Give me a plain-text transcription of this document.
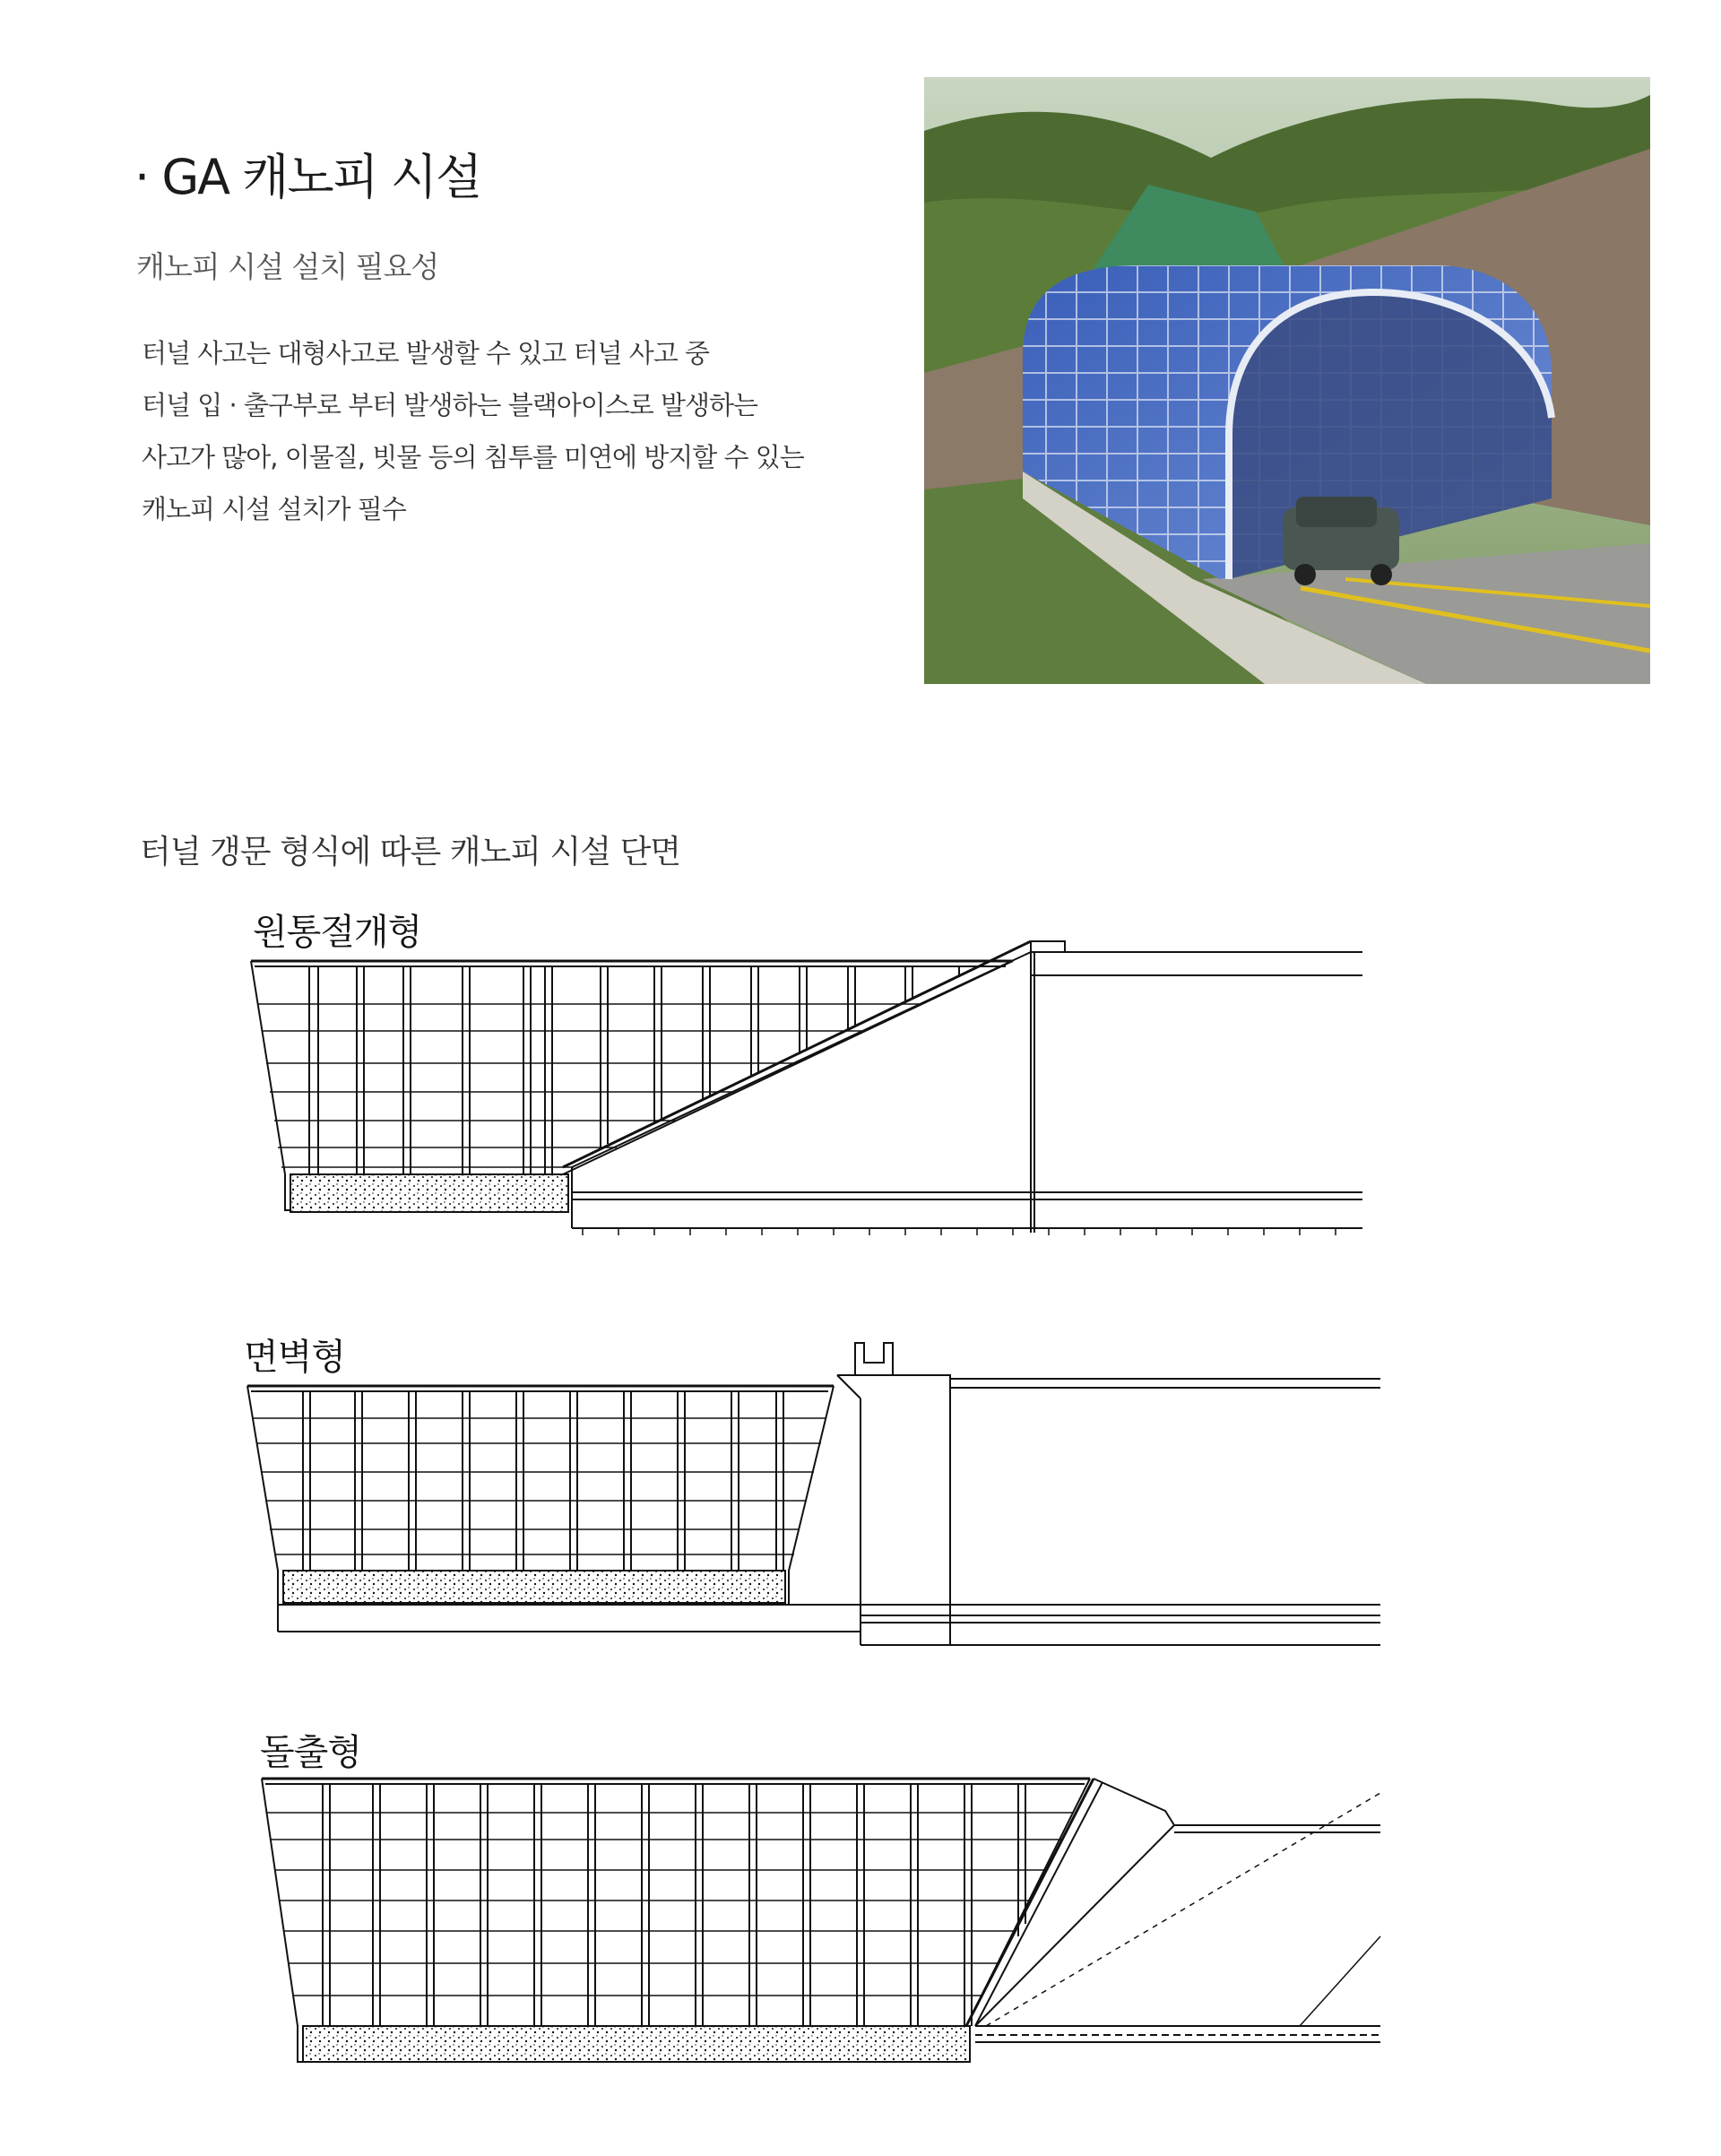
· GA 캐노피 시설
캐노피 시설 설치 필요성
터널 사고는 대형사고로 발생할 수 있고 터널 사고 중
터널 입 · 출구부로 부터 발생하는 블랙아이스로 발생하는
사고가 많아, 이물질, 빗물 등의 침투를 미연에 방지할 수 있는
캐노피 시설 설치가 필수
터널 갱문 형식에 따른 캐노피 시설 단면
원통절개형
면벽형
돌출형
